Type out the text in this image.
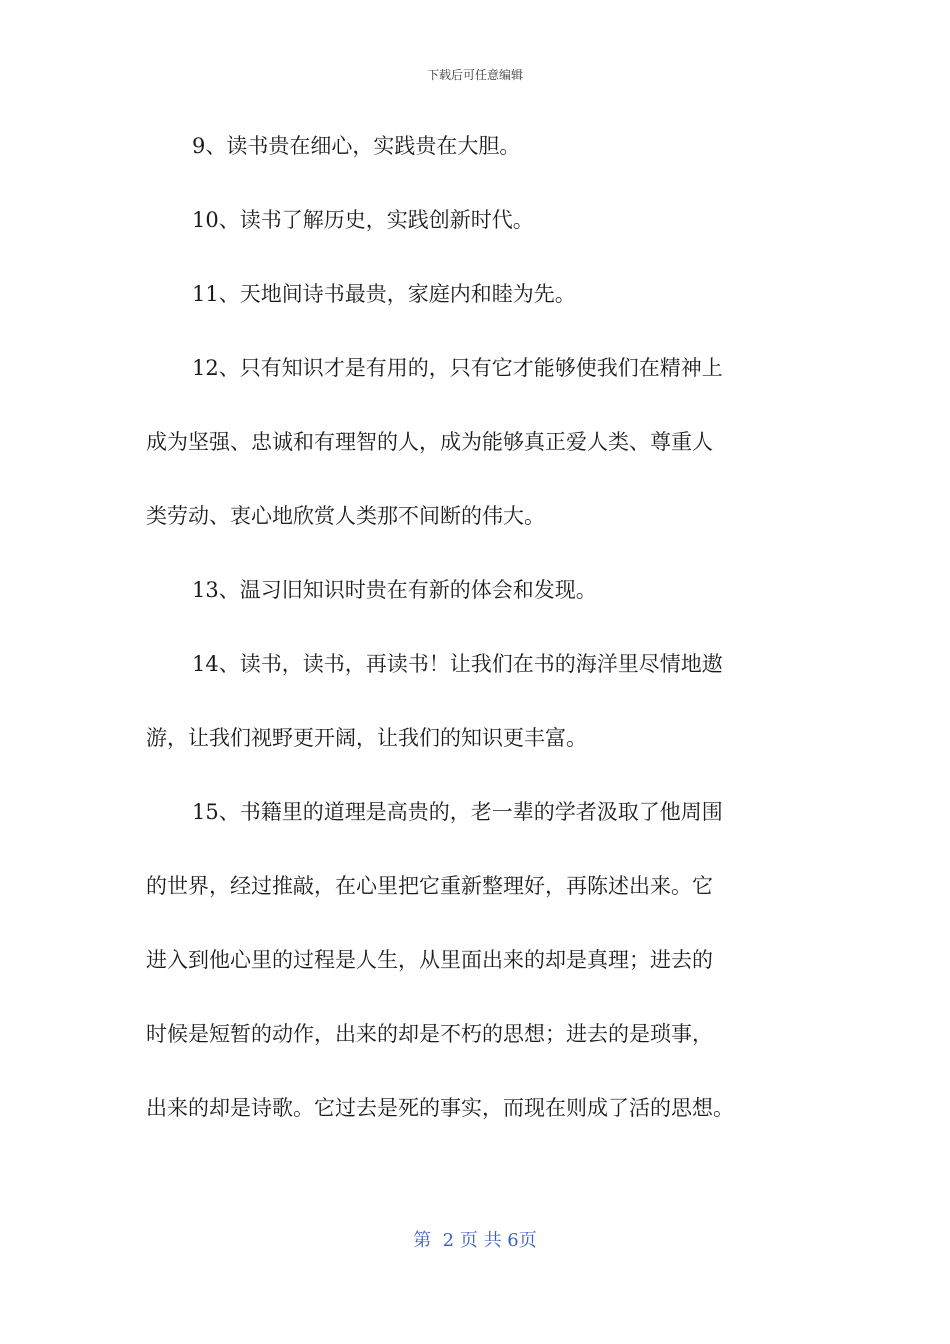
下载后可任意编辑
9、读书贵在细心，实践贵在大胆。
10、读书了解历史，实践创新时代。
11、天地间诗书最贵，家庭内和睦为先。
12、只有知识才是有用的，只有它才能够使我们在精神上
成为坚强、忠诚和有理智的人，成为能够真正爱人类、尊重人
类劳动、衷心地欣赏人类那不间断的伟大。
13、温习旧知识时贵在有新的体会和发现。
14、读书，读书，再读书！让我们在书的海洋里尽情地遨
游，让我们视野更开阔，让我们的知识更丰富。
15、书籍里的道理是高贵的，老一辈的学者汲取了他周围
的世界，经过推敲，在心里把它重新整理好，再陈述出来。它
进入到他心里的过程是人生，从里面出来的却是真理；进去的
时候是短暂的动作，出来的却是不朽的思想；进去的是琐事，
出来的却是诗歌。它过去是死的事实，而现在则成了活的思想。
第  2 页 共 6页
